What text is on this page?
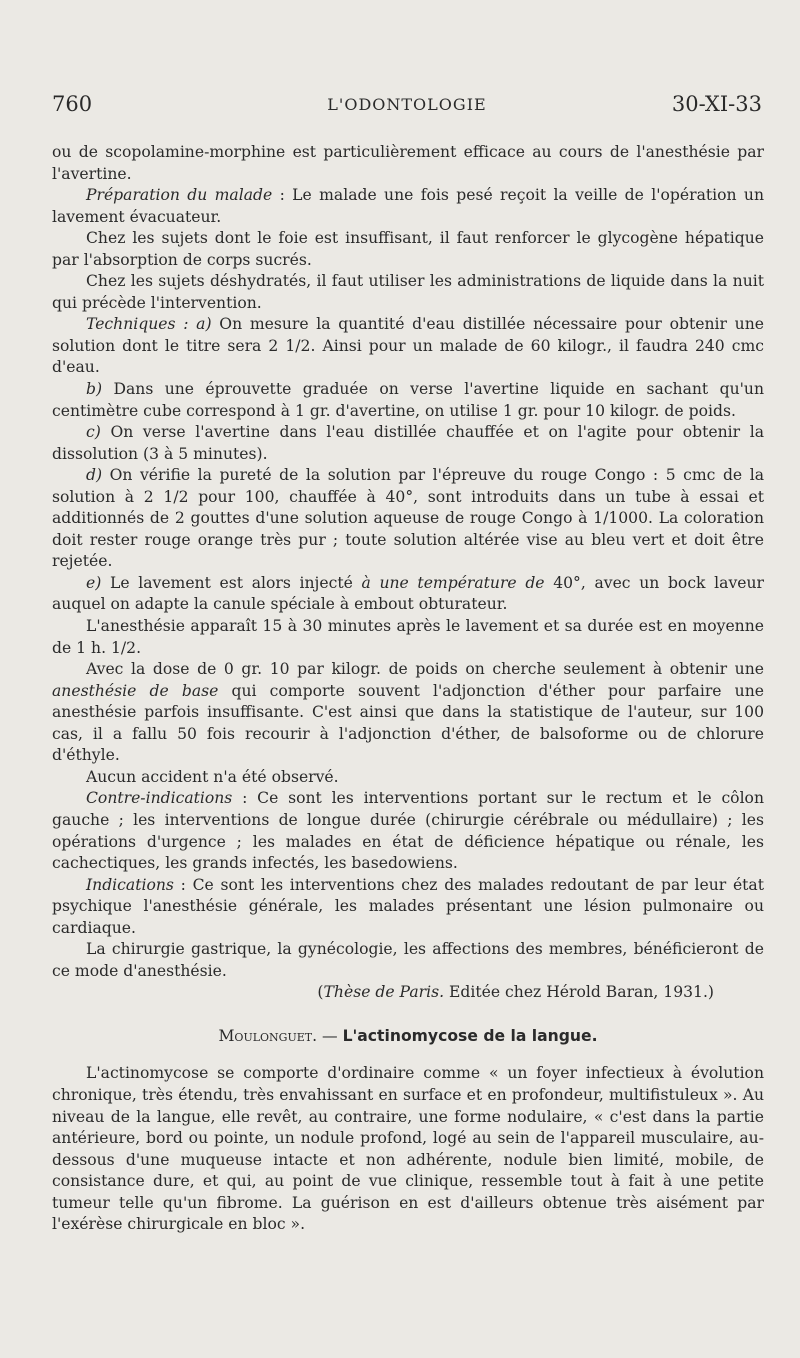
760	L'ODONTOLOGIE	30-XI-33

ou de scopolamine-morphine est particulièrement efficace au cours de l'anesthésie par l'avertine.

Préparation du malade : Le malade une fois pesé reçoit la veille de l'opération un lavement évacuateur.

Chez les sujets dont le foie est insuffisant, il faut renforcer le glycogène hépatique par l'absorption de corps sucrés.

Chez les sujets déshydratés, il faut utiliser les administrations de liquide dans la nuit qui précède l'intervention.

Techniques : a) On mesure la quantité d'eau distillée nécessaire pour obtenir une solution dont le titre sera 2 1/2. Ainsi pour un malade de 60 kilogr., il faudra 240 cmc d'eau.

b) Dans une éprouvette graduée on verse l'avertine liquide en sachant qu'un centimètre cube correspond à 1 gr. d'avertine, on utilise 1 gr. pour 10 kilogr. de poids.

c) On verse l'avertine dans l'eau distillée chauffée et on l'agite pour obtenir la dissolution (3 à 5 minutes).

d) On vérifie la pureté de la solution par l'épreuve du rouge Congo : 5 cmc de la solution à 2 1/2 pour 100, chauffée à 40°, sont introduits dans un tube à essai et additionnés de 2 gouttes d'une solution aqueuse de rouge Congo à 1/1000. La coloration doit rester rouge orange très pur ; toute solution altérée vise au bleu vert et doit être rejetée.

e) Le lavement est alors injecté à une température de 40°, avec un bock laveur auquel on adapte la canule spéciale à embout obturateur.

L'anesthésie apparaît 15 à 30 minutes après le lavement et sa durée est en moyenne de 1 h. 1/2.

Avec la dose de 0 gr. 10 par kilogr. de poids on cherche seulement à obtenir une anesthésie de base qui comporte souvent l'adjonction d'éther pour parfaire une anesthésie parfois insuffisante. C'est ainsi que dans la statistique de l'auteur, sur 100 cas, il a fallu 50 fois recourir à l'adjonction d'éther, de balsoforme ou de chlorure d'éthyle.

Aucun accident n'a été observé.

Contre-indications : Ce sont les interventions portant sur le rectum et le côlon gauche ; les interventions de longue durée (chirurgie cérébrale ou médullaire) ; les opérations d'urgence ; les malades en état de déficience hépatique ou rénale, les cachectiques, les grands infectés, les basedowiens.

Indications : Ce sont les interventions chez des malades redoutant de par leur état psychique l'anesthésie générale, les malades présentant une lésion pulmonaire ou cardiaque.

La chirurgie gastrique, la gynécologie, les affections des membres, bénéficieront de ce mode d'anesthésie.

(Thèse de Paris. Editée chez Hérold Baran, 1931.)

Moulonguet. — L'actinomycose de la langue.

L'actinomycose se comporte d'ordinaire comme « un foyer infectieux à évolution chronique, très étendu, très envahissant en surface et en profondeur, multifistuleux ». Au niveau de la langue, elle revêt, au contraire, une forme nodulaire, « c'est dans la partie antérieure, bord ou pointe, un nodule profond, logé au sein de l'appareil musculaire, au-dessous d'une muqueuse intacte et non adhérente, nodule bien limité, mobile, de consistance dure, et qui, au point de vue clinique, ressemble tout à fait à une petite tumeur telle qu'un fibrome. La guérison en est d'ailleurs obtenue très aisément par l'exérèse chirurgicale en bloc ».
